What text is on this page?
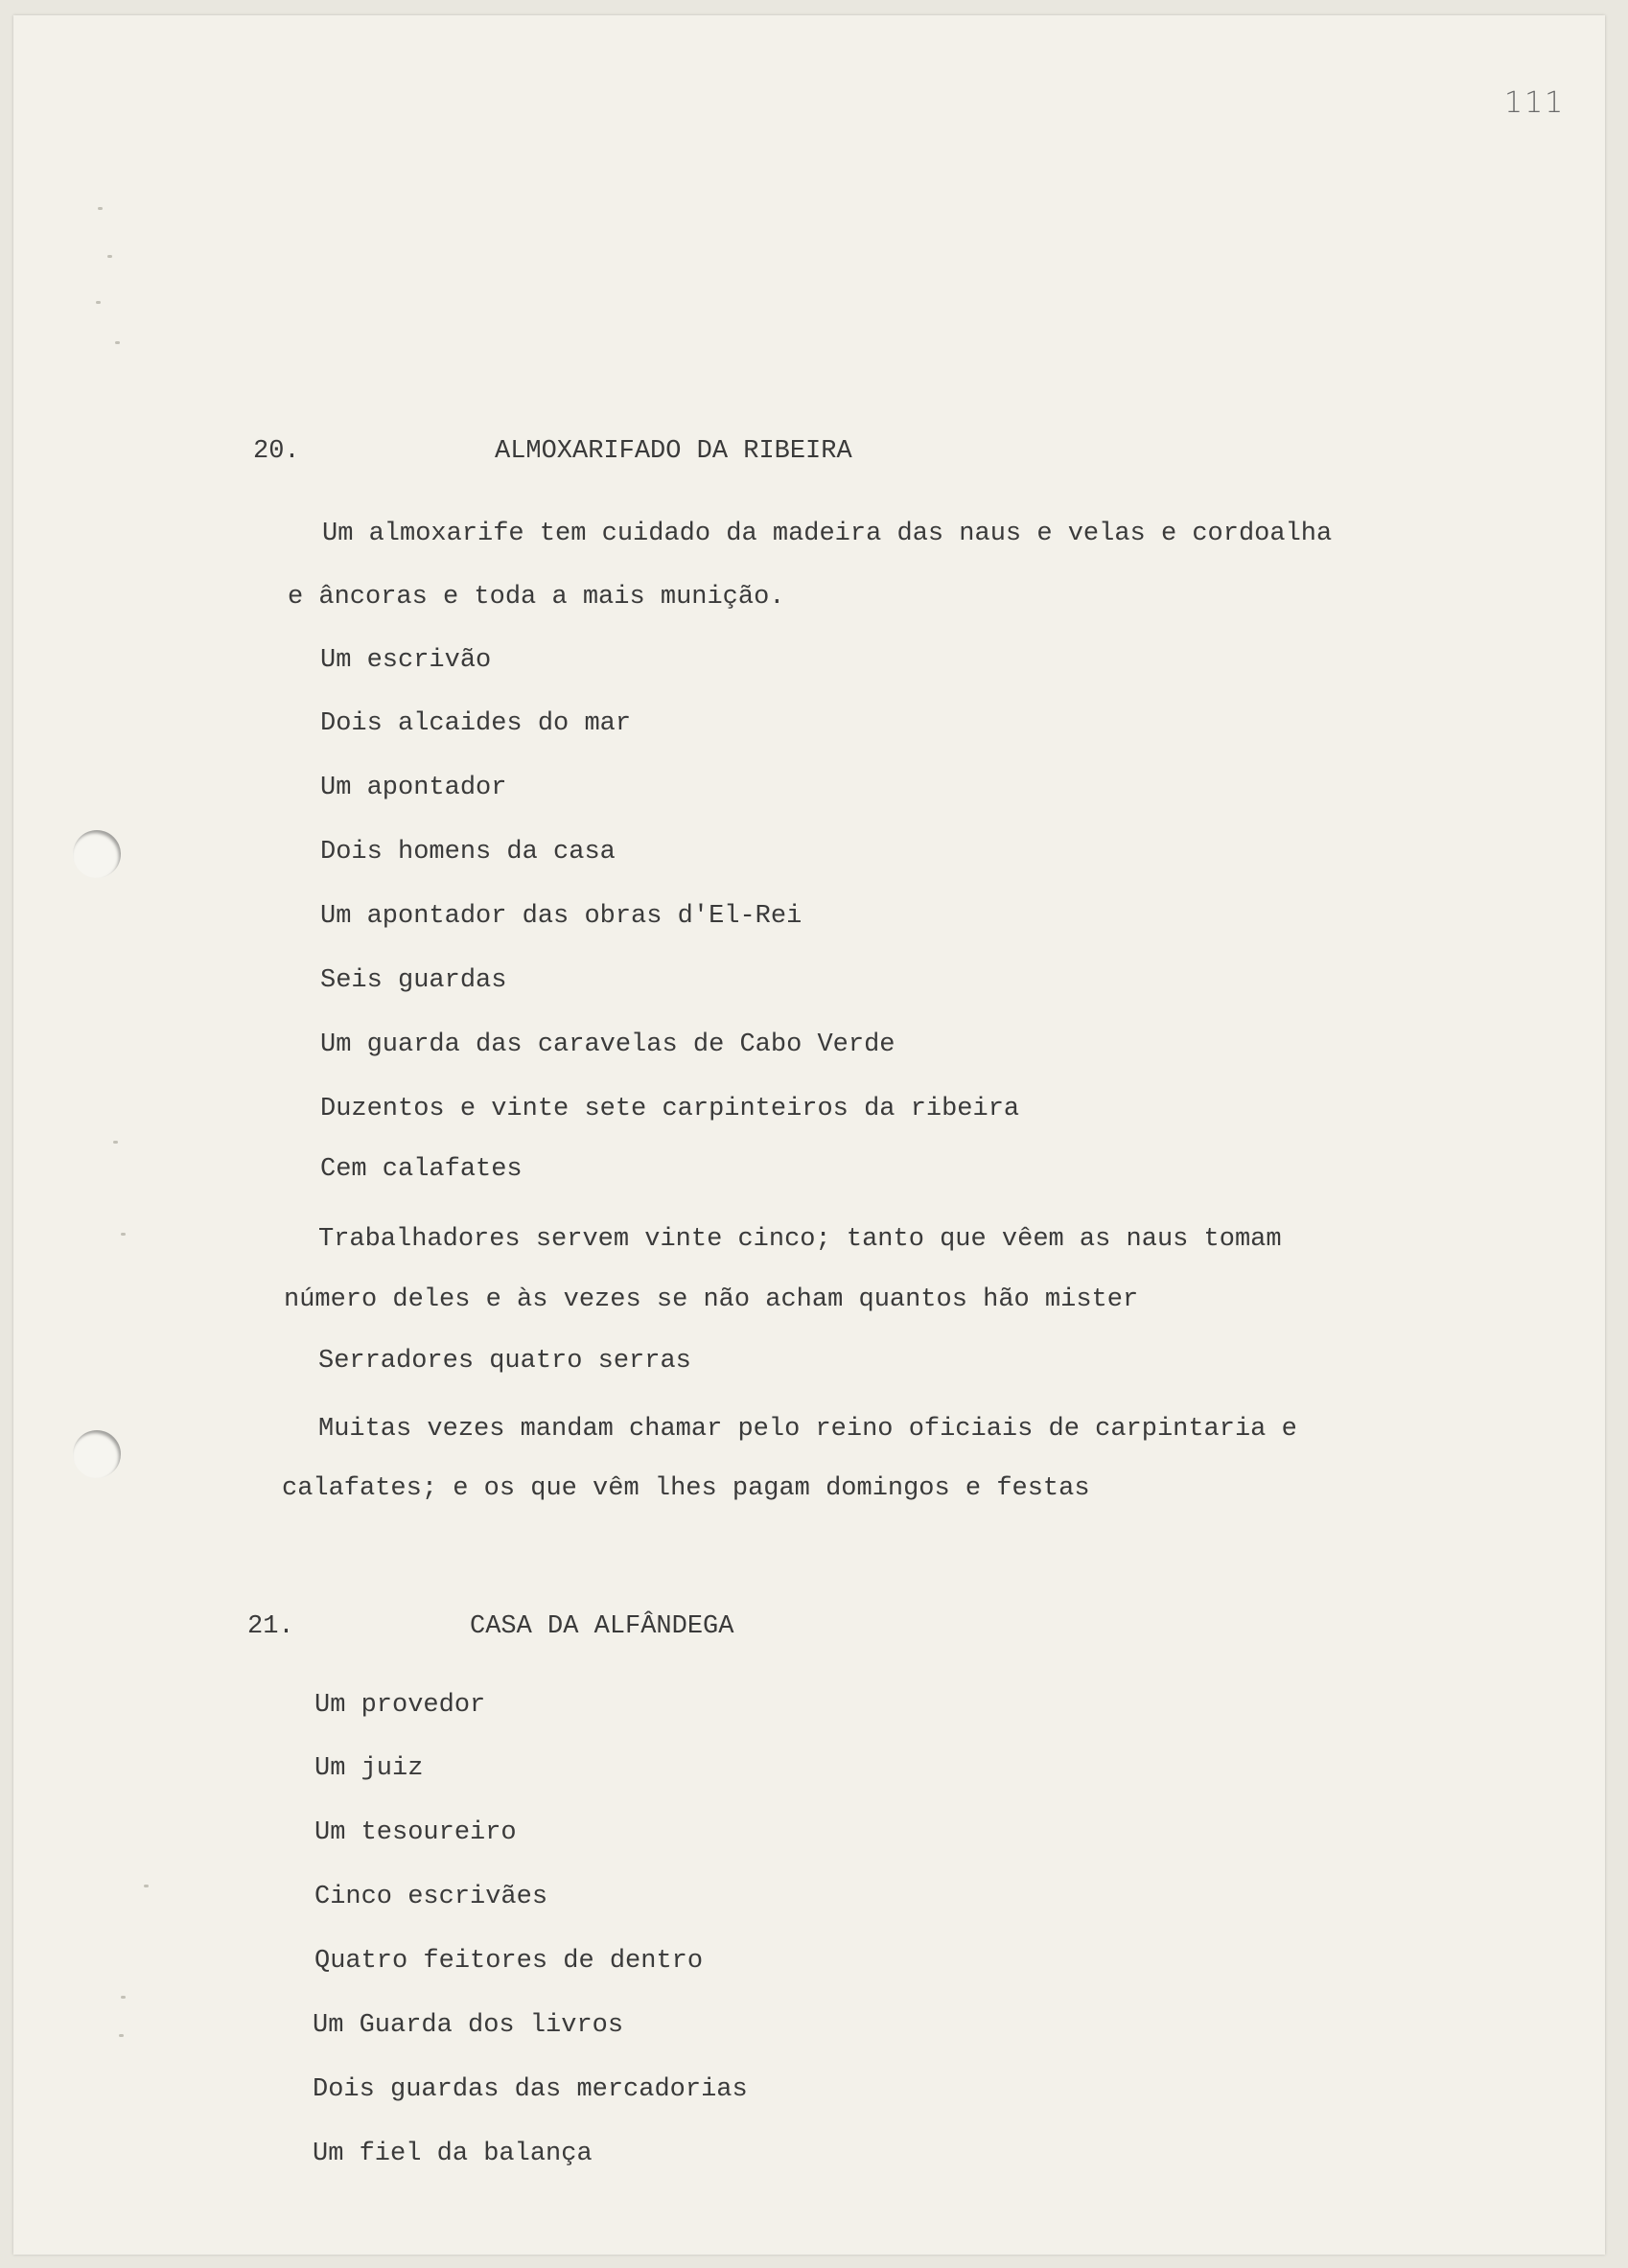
111
20.	ALMOXARIFADO DA RIBEIRA
Um almoxarife tem cuidado da madeira das naus e velas e cordoalha
e âncoras e toda a mais munição.
Um escrivão
Dois alcaides do mar
Um apontador
Dois homens da casa
Um apontador das obras d'El-Rei
Seis guardas
Um guarda das caravelas de Cabo Verde
Duzentos e vinte sete carpinteiros da ribeira
Cem calafates
Trabalhadores servem vinte cinco; tanto que vêem as naus tomam
número deles e às vezes se não acham quantos hão mister
Serradores quatro serras
Muitas vezes mandam chamar pelo reino oficiais de carpintaria e
calafates; e os que vêm lhes pagam domingos e festas
21.	CASA DA ALFÂNDEGA
Um provedor
Um juiz
Um tesoureiro
Cinco escrivães
Quatro feitores de dentro
Um Guarda dos livros
Dois guardas das mercadorias
Um fiel da balança
